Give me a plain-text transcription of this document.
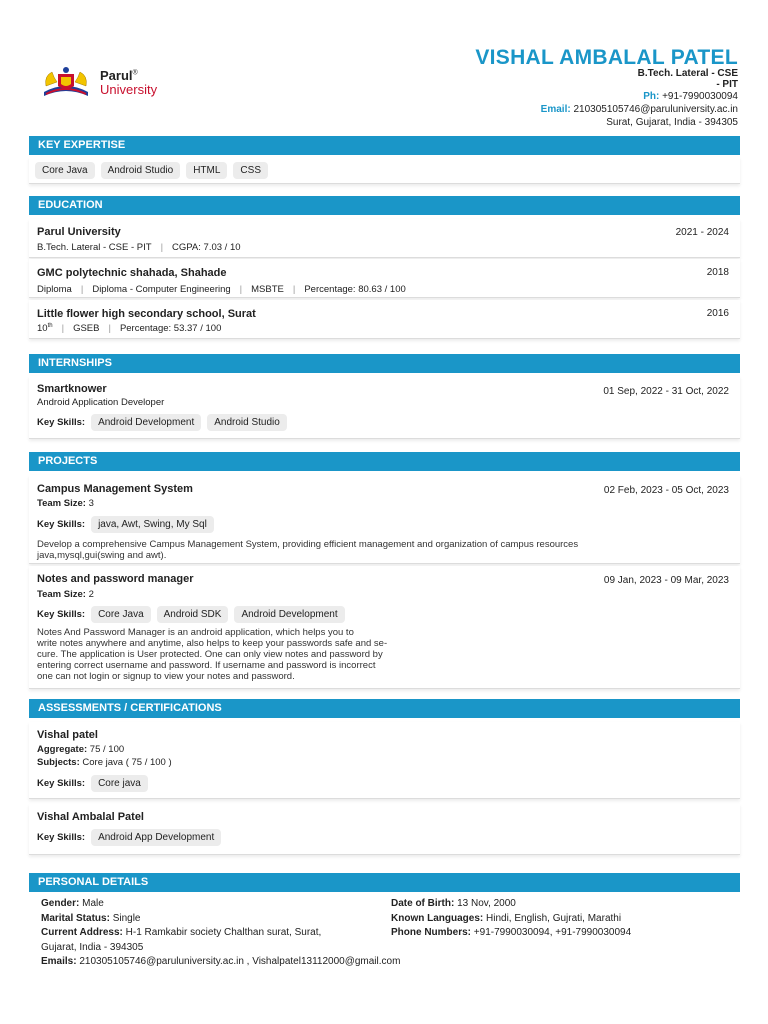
Parul®
University
VISHAL AMBALAL PATEL
B.Tech. Lateral - CSE
- PIT
Ph: +91-7990030094
Email: 210305105746@paruluniversity.ac.in
Surat, Gujarat, India - 394305
KEY EXPERTISE
Core Java Android Studio HTML CSS
EDUCATION
Parul University	2021 - 2024
B.Tech. Lateral - CSE - PIT | CGPA: 7.03 / 10
GMC polytechnic shahada, Shahade	2018
Diploma | Diploma - Computer Engineering | MSBTE | Percentage: 80.63 / 100
Little flower high secondary school, Surat	2016
10th | GSEB | Percentage: 53.37 / 100
INTERNSHIPS
Smartknower	01 Sep, 2022 - 31 Oct, 2022
Android Application Developer
Key Skills: Android Development Android Studio
PROJECTS
Campus Management System	02 Feb, 2023 - 05 Oct, 2023
Team Size: 3
Key Skills: java, Awt, Swing, My Sql
Develop a comprehensive Campus Management System, providing efficient management and organization of campus resources
java,mysql,gui(swing and awt).
Notes and password manager	09 Jan, 2023 - 09 Mar, 2023
Team Size: 2
Key Skills: Core Java Android SDK Android Development
Notes And Password Manager is an android application, which helps you to
write notes anywhere and anytime, also helps to keep your passwords safe and se-
cure. The application is User protected. One can only view notes and password by
entering correct username and password. If username and password is incorrect
one can not login or signup to view your notes and password.
ASSESSMENTS / CERTIFICATIONS
Vishal patel
Aggregate: 75 / 100
Subjects: Core java ( 75 / 100 )
Key Skills: Core java
Vishal Ambalal Patel
Key Skills: Android App Development
PERSONAL DETAILS
Gender: Male
Marital Status: Single
Current Address: H-1 Ramkabir society Chalthan surat, Surat,
Gujarat, India - 394305
Date of Birth: 13 Nov, 2000
Known Languages: Hindi, English, Gujrati, Marathi
Phone Numbers: +91-7990030094, +91-7990030094
Emails: 210305105746@paruluniversity.ac.in , Vishalpatel13112000@gmail.com
